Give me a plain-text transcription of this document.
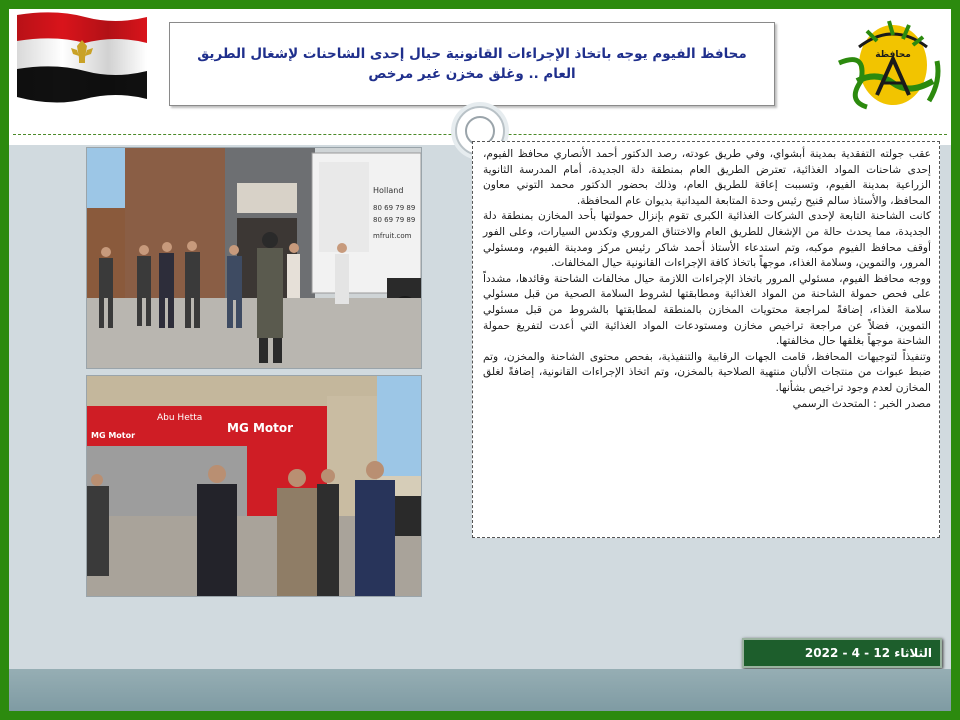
محافظ الفيوم يوجه باتخاذ الإجراءات القانونية حيال إحدى الشاحنات لإشغال الطريق العام .. وغلق مخزن غير مرخص
محافظة
Holland
80 69 79 89
80 69 79 89
mfruit.com
Abu Hetta
MG Motor
MG Motor

عقب جولته التفقدية بمدينة أبشواي، وفي طريق عودته، رصد الدكتور أحمد الأنصاري محافظ الفيوم، إحدى شاحنات المواد الغذائية، تعترض الطريق العام بمنطقة دلة الجديدة، أمام المدرسة الثانوية الزراعية بمدينة الفيوم، وتسببت إعاقة للطريق العام، وذلك بحضور الدكتور محمد التوني معاون المحافظ، والأستاذ سالم قنيح رئيس وحدة المتابعة الميدانية بديوان عام المحافظة.

كانت الشاحنة التابعة لإحدى الشركات الغذائية الكبرى تقوم بإنزال حمولتها بأحد المخازن بمنطقة دلة الجديدة، مما يحدث حالة من الإشغال للطريق العام والاختناق المروري وتكدس السيارات، وعلى الفور أوقف محافظ الفيوم موكبه، وتم استدعاء الأستاذ أحمد شاكر رئيس مركز ومدينة الفيوم، ومسئولي المرور، والتموين، وسلامة الغذاء، موجهاً باتخاذ كافة الإجراءات القانونية حيال المخالفات.

ووجه محافظ الفيوم، مسئولي المرور باتخاذ الإجراءات اللازمة حيال مخالفات الشاحنة وقائدها، مشدداً على فحص حمولة الشاحنة من المواد الغذائية ومطابقتها لشروط السلامة الصحية من قبل مسئولي سلامة الغذاء، إضافةً لمراجعة محتويات المخازن بالمنطقة لمطابقتها بالشروط من قبل مسئولي التموين، فضلاً عن مراجعة تراخيص مخازن ومستودعات المواد الغذائية التي أعدت لتفريغ حمولة الشاحنة موجهاً بغلقها حال مخالفتها.

وتنفيذاً لتوجيهات المحافظ، قامت الجهات الرقابية والتنفيذية، بفحص محتوى الشاحنة والمخزن، وتم ضبط عبوات من منتجات الألبان منتهية الصلاحية بالمخزن، وتم اتخاذ الإجراءات القانونية، إضافةً لغلق المخازن لعدم وجود تراخيص بشأنها.

مصدر الخبر : المتحدث الرسمي

الثلاثاء 12 - 4 - 2022
